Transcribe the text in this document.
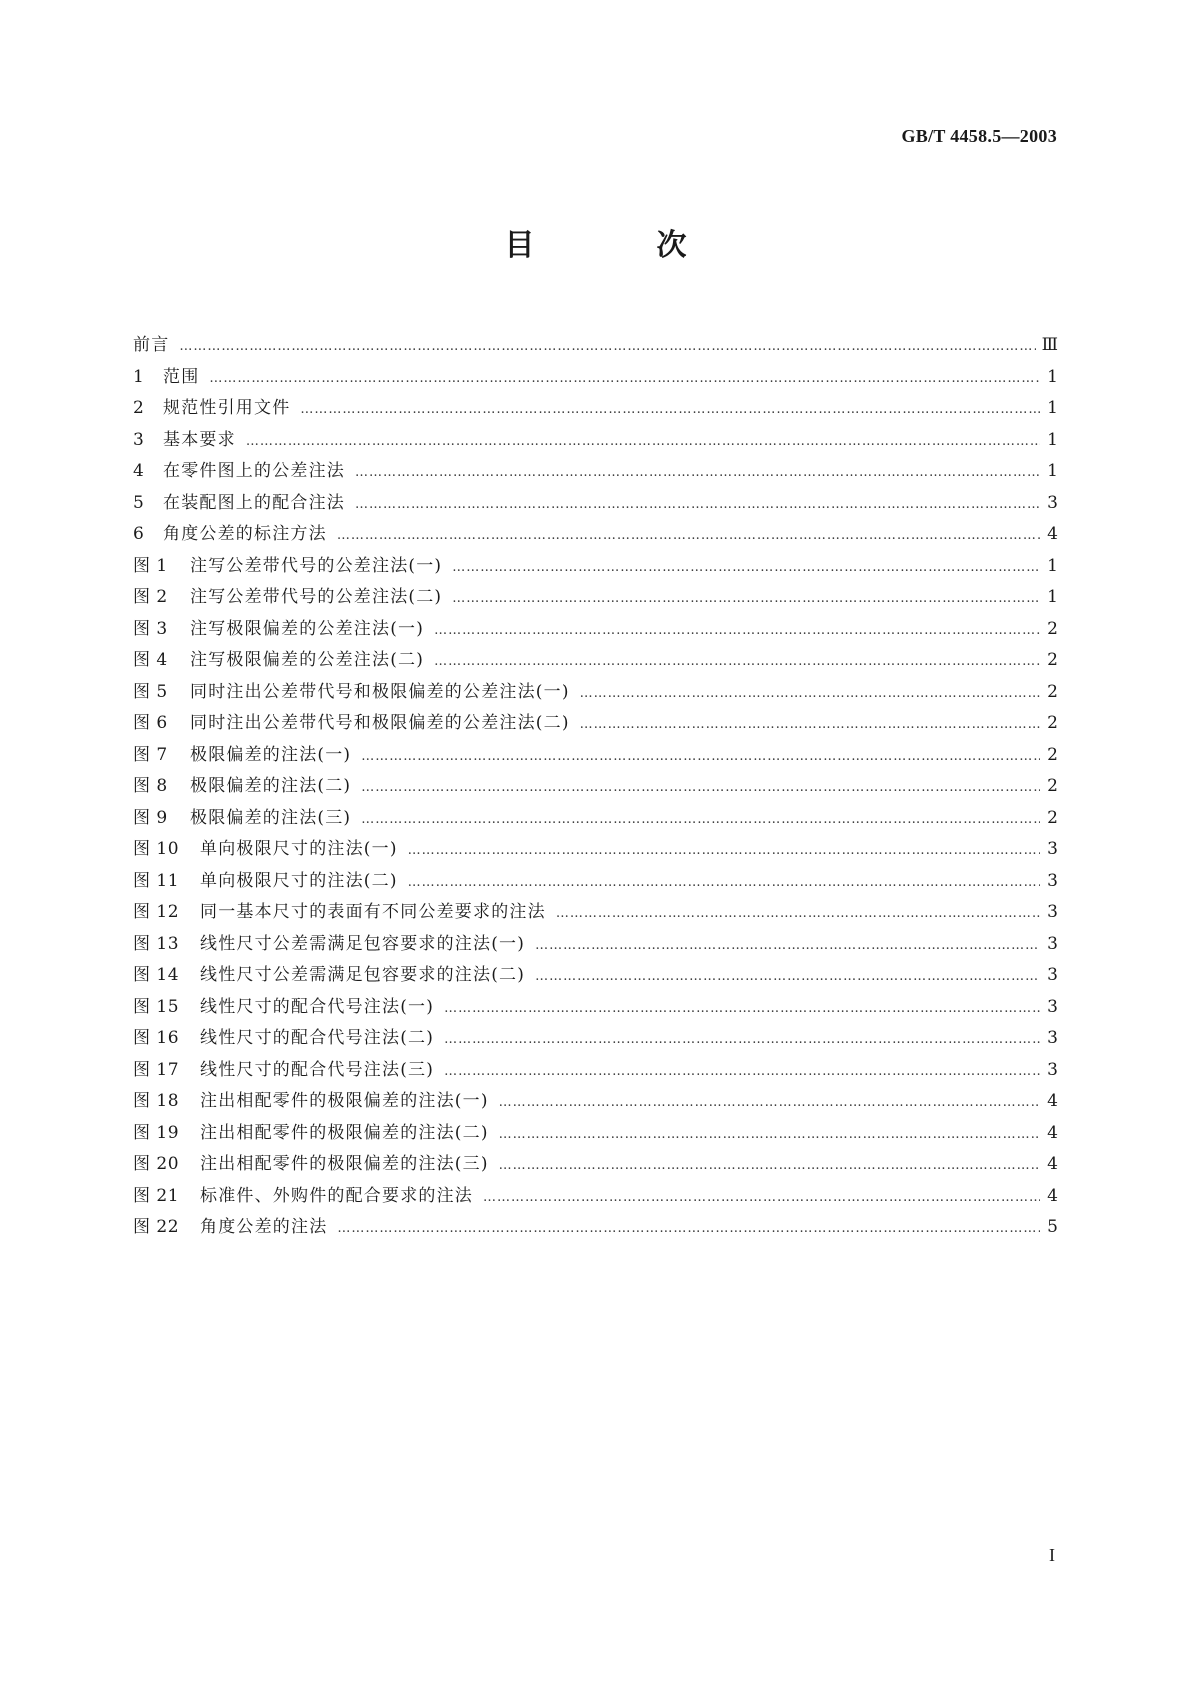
GB/T 4458.5—2003
目　次
前言 …………………………………………………………………………………………………………………………………………………………………………………………………………	Ⅲ
1	范围 …………………………………………………………………………………………………………………………………………………………………………………………………………	1
2	规范性引用文件 …………………………………………………………………………………………………………………………………………………………………………………………………………	1
3	基本要求 …………………………………………………………………………………………………………………………………………………………………………………………………………	1
4	在零件图上的公差注法 …………………………………………………………………………………………………………………………………………………………………………………………………………	1
5	在装配图上的配合注法 …………………………………………………………………………………………………………………………………………………………………………………………………………	3
6	角度公差的标注方法 …………………………………………………………………………………………………………………………………………………………………………………………………………	4
图 1	注写公差带代号的公差注法(一) …………………………………………………………………………………………………………………………………………………………………………………………………………	1
图 2	注写公差带代号的公差注法(二) …………………………………………………………………………………………………………………………………………………………………………………………………………	1
图 3	注写极限偏差的公差注法(一) …………………………………………………………………………………………………………………………………………………………………………………………………………	2
图 4	注写极限偏差的公差注法(二) …………………………………………………………………………………………………………………………………………………………………………………………………………	2
图 5	同时注出公差带代号和极限偏差的公差注法(一) …………………………………………………………………………………………………………………………………………………………………………………………………………	2
图 6	同时注出公差带代号和极限偏差的公差注法(二) …………………………………………………………………………………………………………………………………………………………………………………………………………	2
图 7	极限偏差的注法(一) …………………………………………………………………………………………………………………………………………………………………………………………………………	2
图 8	极限偏差的注法(二) …………………………………………………………………………………………………………………………………………………………………………………………………………	2
图 9	极限偏差的注法(三) …………………………………………………………………………………………………………………………………………………………………………………………………………	2
图 10	单向极限尺寸的注法(一) …………………………………………………………………………………………………………………………………………………………………………………………………………	3
图 11	单向极限尺寸的注法(二) …………………………………………………………………………………………………………………………………………………………………………………………………………	3
图 12	同一基本尺寸的表面有不同公差要求的注法 …………………………………………………………………………………………………………………………………………………………………………………………………………	3
图 13	线性尺寸公差需满足包容要求的注法(一) …………………………………………………………………………………………………………………………………………………………………………………………………………	3
图 14	线性尺寸公差需满足包容要求的注法(二) …………………………………………………………………………………………………………………………………………………………………………………………………………	3
图 15	线性尺寸的配合代号注法(一) …………………………………………………………………………………………………………………………………………………………………………………………………………	3
图 16	线性尺寸的配合代号注法(二) …………………………………………………………………………………………………………………………………………………………………………………………………………	3
图 17	线性尺寸的配合代号注法(三) …………………………………………………………………………………………………………………………………………………………………………………………………………	3
图 18	注出相配零件的极限偏差的注法(一) …………………………………………………………………………………………………………………………………………………………………………………………………………	4
图 19	注出相配零件的极限偏差的注法(二) …………………………………………………………………………………………………………………………………………………………………………………………………………	4
图 20	注出相配零件的极限偏差的注法(三) …………………………………………………………………………………………………………………………………………………………………………………………………………	4
图 21	标准件、外购件的配合要求的注法 …………………………………………………………………………………………………………………………………………………………………………………………………………	4
图 22	角度公差的注法 …………………………………………………………………………………………………………………………………………………………………………………………………………	5
I
